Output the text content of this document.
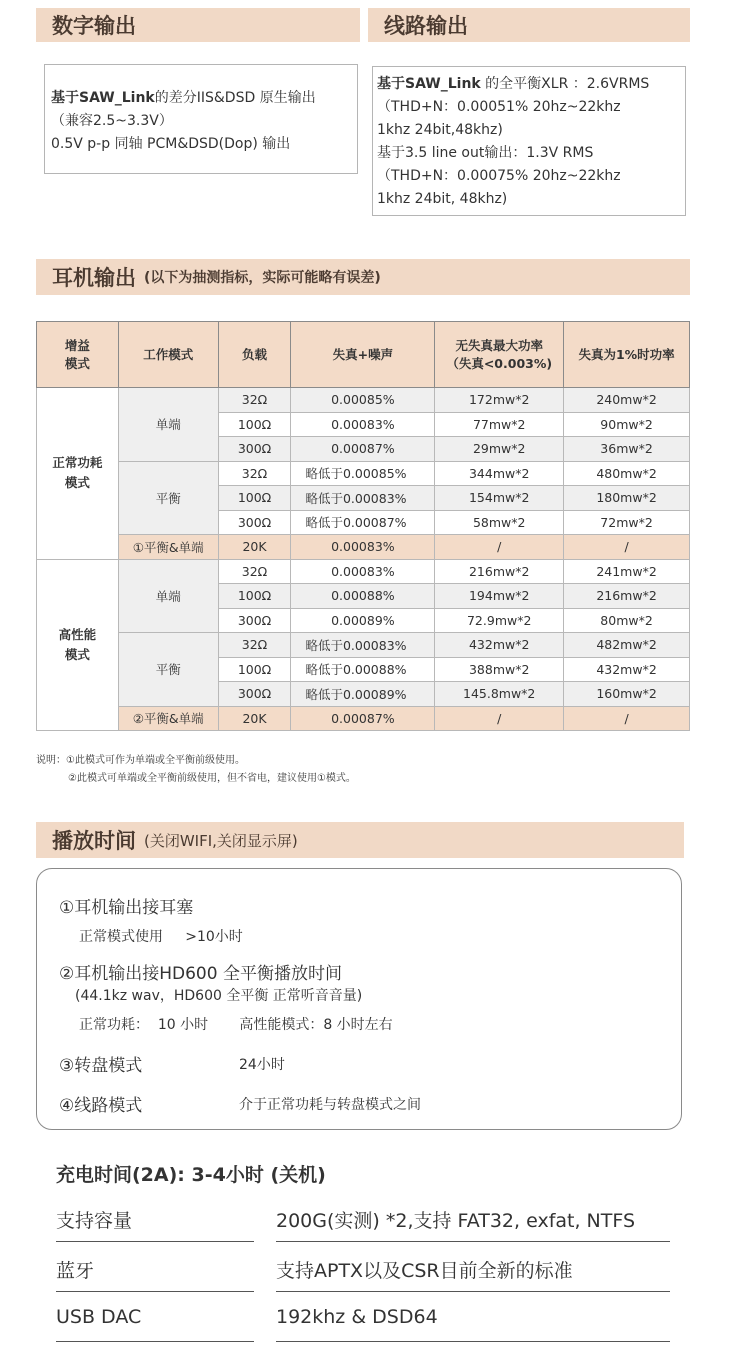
数字输出	线路输出
基于SAW_Link的差分IIS&DSD 原生输出
（兼容2.5~3.3V）
0.5V p-p 同轴 PCM&DSD(Dop) 输出
基于SAW_Link 的全平衡XLR ：2.6VRMS
（THD+N：0.00051% 20hz~22khz
1khz 24bit,48khz)
基于3.5 line out输出：1.3V RMS
（THD+N：0.00075% 20hz~22khz
1khz 24bit, 48khz)
耳机输出 (以下为抽测指标，实际可能略有误差)
增益
模式	工作模式	负载	失真+噪声	无失真最大功率
（失真<0.003%)	失真为1%时功率
正常功耗
模式	单端	32Ω	0.00085%	172mw*2	240mw*2
		100Ω	0.00083%	77mw*2	90mw*2
		300Ω	0.00087%	29mw*2	36mw*2
	平衡	32Ω	略低于0.00085%	344mw*2	480mw*2
		100Ω	略低于0.00083%	154mw*2	180mw*2
		300Ω	略低于0.00087%	58mw*2	72mw*2
	①平衡&单端	20K	0.00083%	/	/
高性能
模式	单端	32Ω	0.00083%	216mw*2	241mw*2
		100Ω	0.00088%	194mw*2	216mw*2
		300Ω	0.00089%	72.9mw*2	80mw*2
	平衡	32Ω	略低于0.00083%	432mw*2	482mw*2
		100Ω	略低于0.00088%	388mw*2	432mw*2
		300Ω	略低于0.00089%	145.8mw*2	160mw*2
	②平衡&单端	20K	0.00087%	/	/
说明：①此模式可作为单端或全平衡前级使用。
②此模式可单端或全平衡前级使用，但不省电，建议使用①模式。
播放时间 (关闭WIFI,关闭显示屏)
①耳机输出接耳塞
正常模式使用     >10小时
②耳机输出接HD600 全平衡播放时间
(44.1kz wav，HD600 全平衡 正常听音音量)
正常功耗：  10 小时       高性能模式：8 小时左右
③转盘模式	24小时
④线路模式	介于正常功耗与转盘模式之间
充电时间(2A): 3-4小时 (关机)
支持容量	200G(实测) *2,支持 FAT32, exfat, NTFS
蓝牙	支持APTX以及CSR目前全新的标准
USB DAC	192khz & DSD64
